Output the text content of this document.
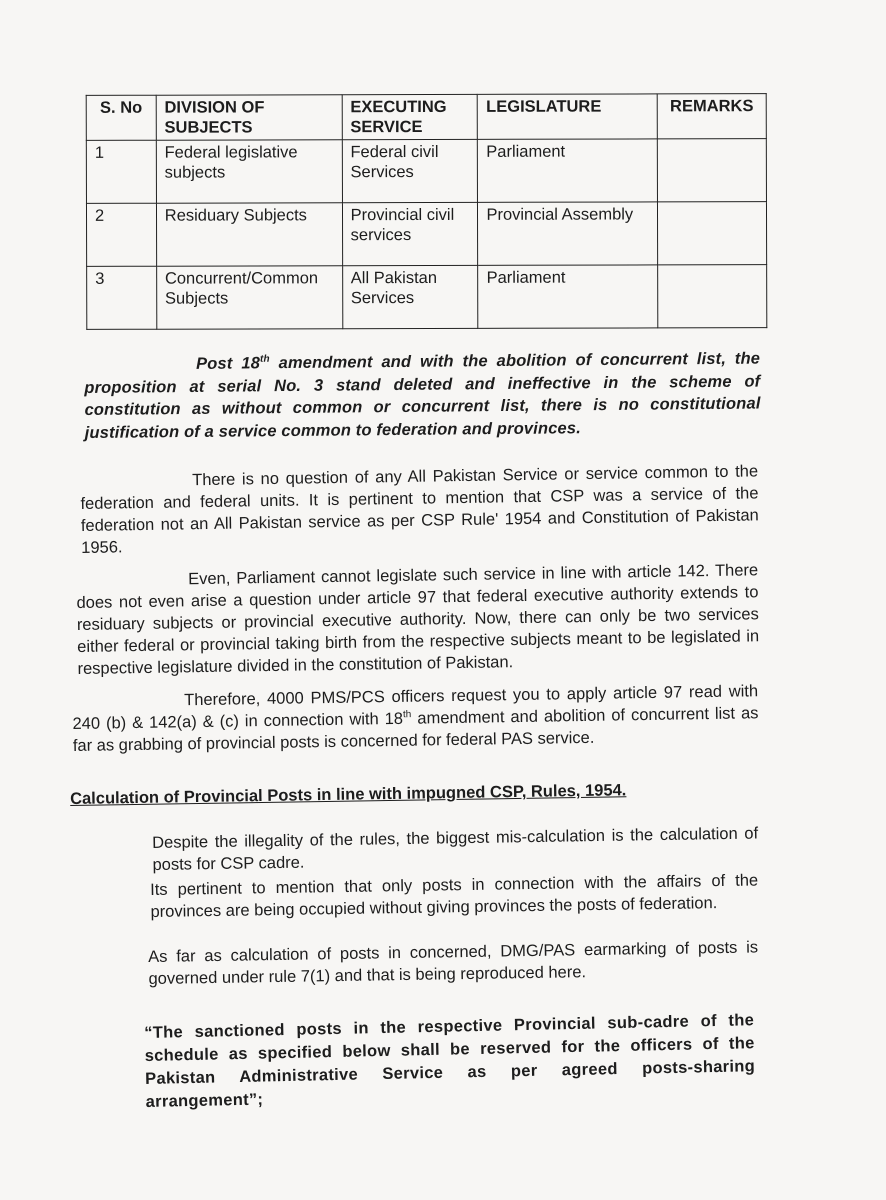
S. No	DIVISION OF SUBJECTS	EXECUTING SERVICE	LEGISLATURE	REMARKS
1	Federal legislative subjects	Federal civil Services	Parliament	
2	Residuary Subjects	Provincial civil services	Provincial Assembly	
3	Concurrent/Common Subjects	All Pakistan Services	Parliament	
Post 18th amendment and with the abolition of concurrent list, the proposition at serial No. 3 stand deleted and ineffective in the scheme of constitution as without common or concurrent list, there is no constitutional justification of a service common to federation and provinces.
There is no question of any All Pakistan Service or service common to the federation and federal units. It is pertinent to mention that CSP was a service of the federation not an All Pakistan service as per CSP Rule' 1954 and Constitution of Pakistan 1956.
Even, Parliament cannot legislate such service in line with article 142. There does not even arise a question under article 97 that federal executive authority extends to residuary subjects or provincial executive authority. Now, there can only be two services either federal or provincial taking birth from the respective subjects meant to be legislated in respective legislature divided in the constitution of Pakistan.
Therefore, 4000 PMS/PCS officers request you to apply article 97 read with 240 (b) & 142(a) & (c) in connection with 18th amendment and abolition of concurrent list as far as grabbing of provincial posts is concerned for federal PAS service.
Calculation of Provincial Posts in line with impugned CSP, Rules, 1954.
Despite the illegality of the rules, the biggest mis-calculation is the calculation of posts for CSP cadre.
Its pertinent to mention that only posts in connection with the affairs of the provinces are being occupied without giving provinces the posts of federation.
As far as calculation of posts in concerned, DMG/PAS earmarking of posts is governed under rule 7(1) and that is being reproduced here.
“The sanctioned posts in the respective Provincial sub-cadre of the schedule as specified below shall be reserved for the officers of the Pakistan Administrative Service as per agreed posts-sharing arrangement”;
